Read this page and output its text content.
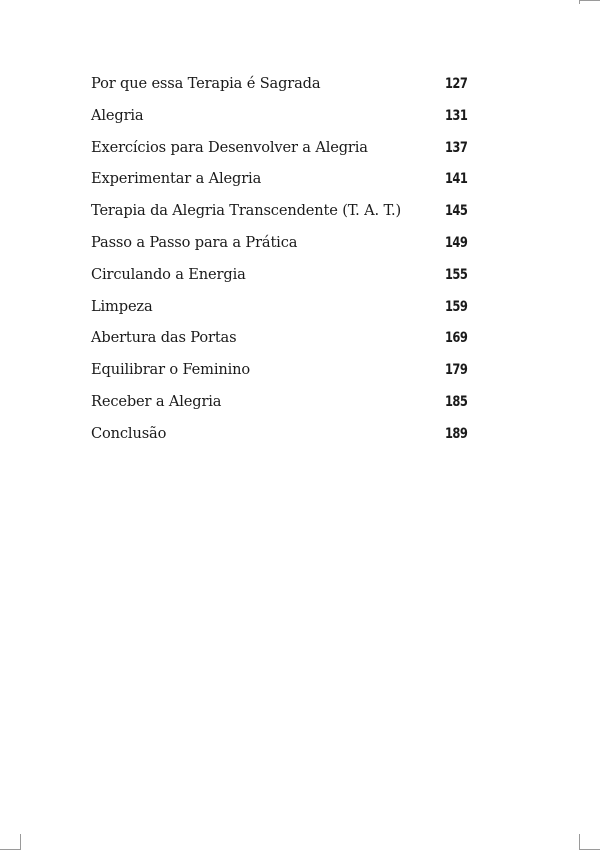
Por que essa Terapia é Sagrada	127
Alegria	131
Exercícios para Desenvolver a Alegria	137
Experimentar a Alegria	141
Terapia da Alegria Transcendente (T. A. T.)	145
Passo a Passo para a Prática	149
Circulando a Energia	155
Limpeza	159
Abertura das Portas	169
Equilibrar o Feminino	179
Receber a Alegria	185
Conclusão	189
